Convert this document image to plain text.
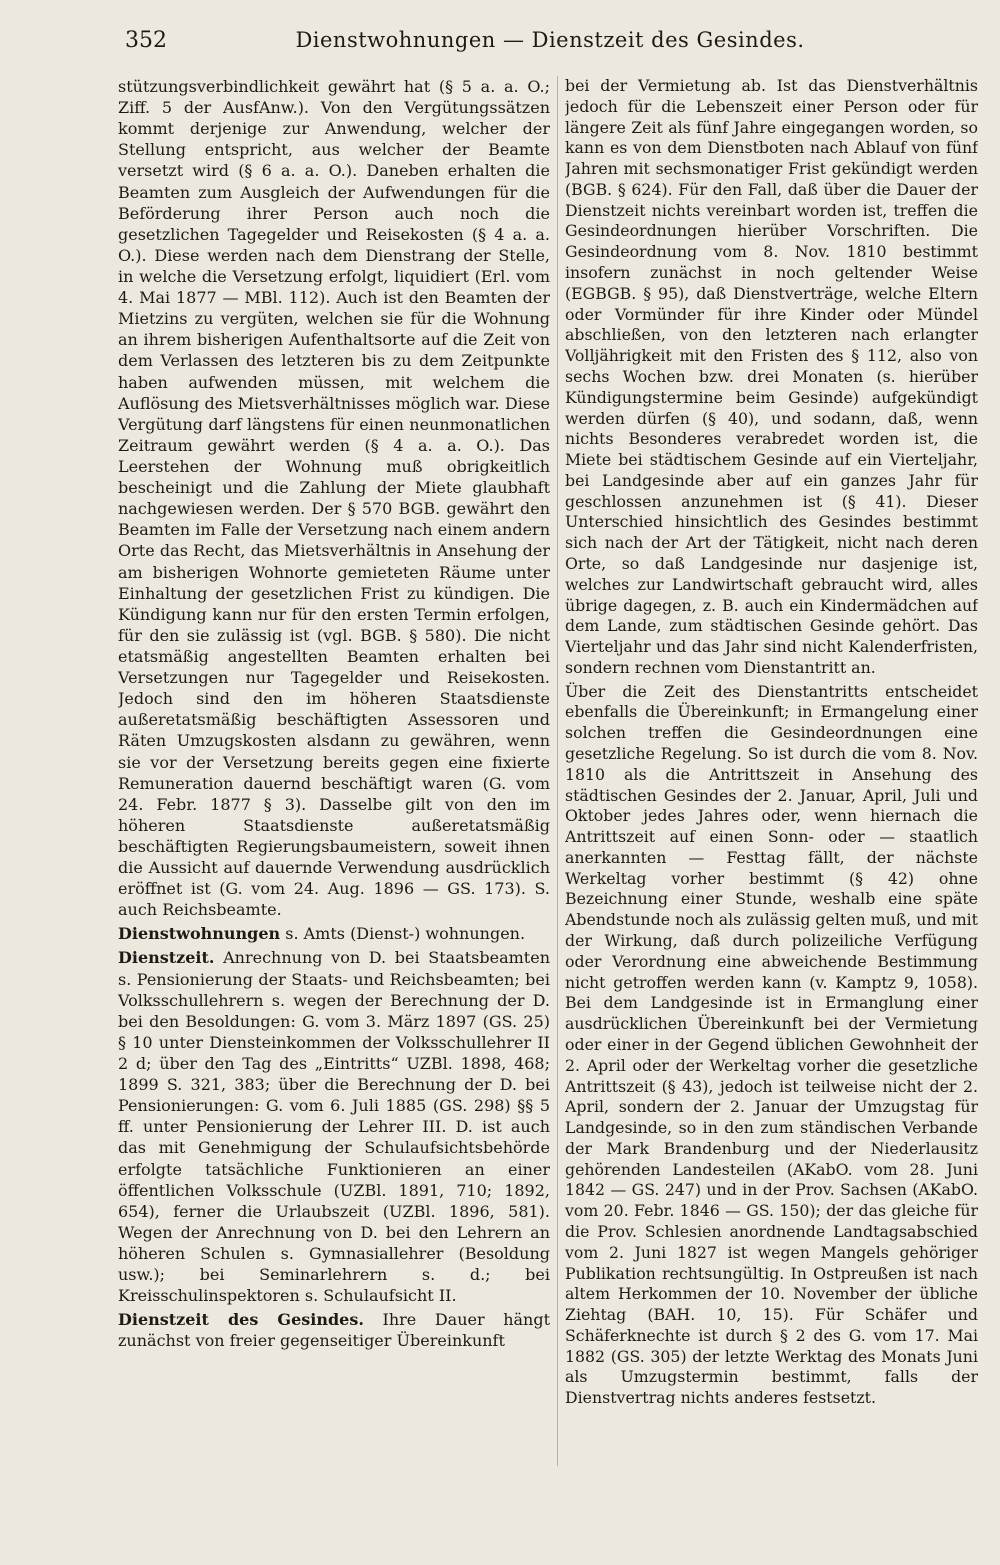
352	Dienstwohnungen — Dienstzeit des Gesindes.

stützungsverbindlichkeit gewährt hat (§ 5 a. a. O.; Ziff. 5 der AusfAnw.). Von den Vergütungssätzen kommt derjenige zur Anwendung, welcher der Stellung entspricht, aus welcher der Beamte versetzt wird (§ 6 a. a. O.). Daneben erhalten die Beamten zum Ausgleich der Aufwendungen für die Beförderung ihrer Person auch noch die gesetzlichen Tagegelder und Reisekosten (§ 4 a. a. O.). Diese werden nach dem Dienstrang der Stelle, in welche die Versetzung erfolgt, liquidiert (Erl. vom 4. Mai 1877 — MBl. 112). Auch ist den Beamten der Mietzins zu vergüten, welchen sie für die Wohnung an ihrem bisherigen Aufenthaltsorte auf die Zeit von dem Verlassen des letzteren bis zu dem Zeitpunkte haben aufwenden müssen, mit welchem die Auflösung des Mietsverhältnisses möglich war. Diese Vergütung darf längstens für einen neunmonatlichen Zeitraum gewährt werden (§ 4 a. a. O.). Das Leerstehen der Wohnung muß obrigkeitlich bescheinigt und die Zahlung der Miete glaubhaft nachgewiesen werden. Der § 570 BGB. gewährt den Beamten im Falle der Versetzung nach einem andern Orte das Recht, das Mietsverhältnis in Ansehung der am bisherigen Wohnorte gemieteten Räume unter Einhaltung der gesetzlichen Frist zu kündigen. Die Kündigung kann nur für den ersten Termin erfolgen, für den sie zulässig ist (vgl. BGB. § 580). Die nicht etatsmäßig angestellten Beamten erhalten bei Versetzungen nur Tagegelder und Reisekosten. Jedoch sind den im höheren Staatsdienste außeretatsmäßig beschäftigten Assessoren und Räten Umzugskosten alsdann zu gewähren, wenn sie vor der Versetzung bereits gegen eine fixierte Remuneration dauernd beschäftigt waren (G. vom 24. Febr. 1877 § 3). Dasselbe gilt von den im höheren Staatsdienste außeretatsmäßig beschäftigten Regierungsbaumeistern, soweit ihnen die Aussicht auf dauernde Verwendung ausdrücklich eröffnet ist (G. vom 24. Aug. 1896 — GS. 173). S. auch Reichsbeamte.

Dienstwohnungen s. Amts (Dienst-) wohnungen.

Dienstzeit. Anrechnung von D. bei Staatsbeamten s. Pensionierung der Staats- und Reichsbeamten; bei Volksschullehrern s. wegen der Berechnung der D. bei den Besoldungen: G. vom 3. März 1897 (GS. 25) § 10 unter Diensteinkommen der Volksschullehrer II 2 d; über den Tag des „Eintritts“ UZBl. 1898, 468; 1899 S. 321, 383; über die Berechnung der D. bei Pensionierungen: G. vom 6. Juli 1885 (GS. 298) §§ 5 ff. unter Pensionierung der Lehrer III. D. ist auch das mit Genehmigung der Schulaufsichtsbehörde erfolgte tatsächliche Funktionieren an einer öffentlichen Volksschule (UZBl. 1891, 710; 1892, 654), ferner die Urlaubszeit (UZBl. 1896, 581). Wegen der Anrechnung von D. bei den Lehrern an höheren Schulen s. Gymnasiallehrer (Besoldung usw.); bei Seminarlehrern s. d.; bei Kreisschulinspektoren s. Schulaufsicht II.

Dienstzeit des Gesindes. Ihre Dauer hängt zunächst von freier gegenseitiger Übereinkunft

bei der Vermietung ab. Ist das Dienstverhältnis jedoch für die Lebenszeit einer Person oder für längere Zeit als fünf Jahre eingegangen worden, so kann es von dem Dienstboten nach Ablauf von fünf Jahren mit sechsmonatiger Frist gekündigt werden (BGB. § 624). Für den Fall, daß über die Dauer der Dienstzeit nichts vereinbart worden ist, treffen die Gesindeordnungen hierüber Vorschriften. Die Gesindeordnung vom 8. Nov. 1810 bestimmt insofern zunächst in noch geltender Weise (EGBGB. § 95), daß Dienstverträge, welche Eltern oder Vormünder für ihre Kinder oder Mündel abschließen, von den letzteren nach erlangter Volljährigkeit mit den Fristen des § 112, also von sechs Wochen bzw. drei Monaten (s. hierüber Kündigungstermine beim Gesinde) aufgekündigt werden dürfen (§ 40), und sodann, daß, wenn nichts Besonderes verabredet worden ist, die Miete bei städtischem Gesinde auf ein Vierteljahr, bei Landgesinde aber auf ein ganzes Jahr für geschlossen anzunehmen ist (§ 41). Dieser Unterschied hinsichtlich des Gesindes bestimmt sich nach der Art der Tätigkeit, nicht nach deren Orte, so daß Landgesinde nur dasjenige ist, welches zur Landwirtschaft gebraucht wird, alles übrige dagegen, z. B. auch ein Kindermädchen auf dem Lande, zum städtischen Gesinde gehört. Das Vierteljahr und das Jahr sind nicht Kalenderfristen, sondern rechnen vom Dienstantritt an.

Über die Zeit des Dienstantritts entscheidet ebenfalls die Übereinkunft; in Ermangelung einer solchen treffen die Gesindeordnungen eine gesetzliche Regelung. So ist durch die vom 8. Nov. 1810 als die Antrittszeit in Ansehung des städtischen Gesindes der 2. Januar, April, Juli und Oktober jedes Jahres oder, wenn hiernach die Antrittszeit auf einen Sonn- oder — staatlich anerkannten — Festtag fällt, der nächste Werkeltag vorher bestimmt (§ 42) ohne Bezeichnung einer Stunde, weshalb eine späte Abendstunde noch als zulässig gelten muß, und mit der Wirkung, daß durch polizeiliche Verfügung oder Verordnung eine abweichende Bestimmung nicht getroffen werden kann (v. Kamptz 9, 1058). Bei dem Landgesinde ist in Ermanglung einer ausdrücklichen Übereinkunft bei der Vermietung oder einer in der Gegend üblichen Gewohnheit der 2. April oder der Werkeltag vorher die gesetzliche Antrittszeit (§ 43), jedoch ist teilweise nicht der 2. April, sondern der 2. Januar der Umzugstag für Landgesinde, so in den zum ständischen Verbande der Mark Brandenburg und der Niederlausitz gehörenden Landesteilen (AKabO. vom 28. Juni 1842 — GS. 247) und in der Prov. Sachsen (AKabO. vom 20. Febr. 1846 — GS. 150); der das gleiche für die Prov. Schlesien anordnende Landtagsabschied vom 2. Juni 1827 ist wegen Mangels gehöriger Publikation rechtsungültig. In Ostpreußen ist nach altem Herkommen der 10. November der übliche Ziehtag (BAH. 10, 15). Für Schäfer und Schäferknechte ist durch § 2 des G. vom 17. Mai 1882 (GS. 305) der letzte Werktag des Monats Juni als Umzugstermin bestimmt, falls der Dienstvertrag nichts anderes festsetzt.
